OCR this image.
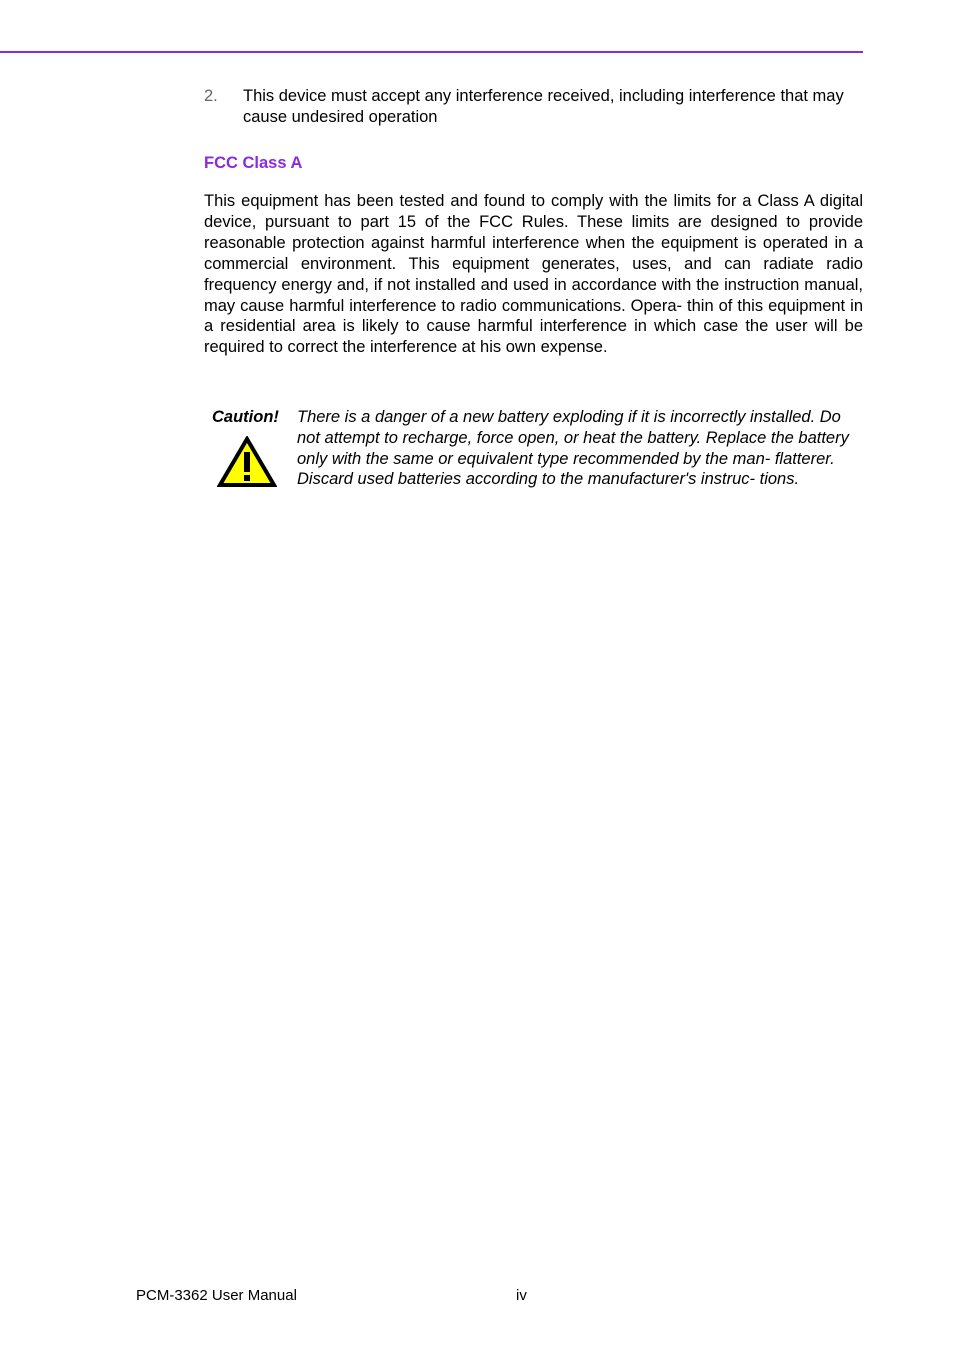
2. This device must accept any interference received, including interference that may cause undesired operation
FCC Class A
This equipment has been tested and found to comply with the limits for a Class A digital device, pursuant to part 15 of the FCC Rules. These limits are designed to provide reasonable protection against harmful interference when the equipment is operated in a commercial environment. This equipment generates, uses, and can radiate radio frequency energy and, if not installed and used in accordance with the instruction manual, may cause harmful interference to radio communications. Opera- thin of this equipment in a residential area is likely to cause harmful interference in which case the user will be required to correct the interference at his own expense.
Caution! There is a danger of a new battery exploding if it is incorrectly installed. Do not attempt to recharge, force open, or heat the battery. Replace the battery only with the same or equivalent type recommended by the man- flatterer. Discard used batteries according to the manufacturer's instruc- tions.
PCM-3362 User Manual	iv
